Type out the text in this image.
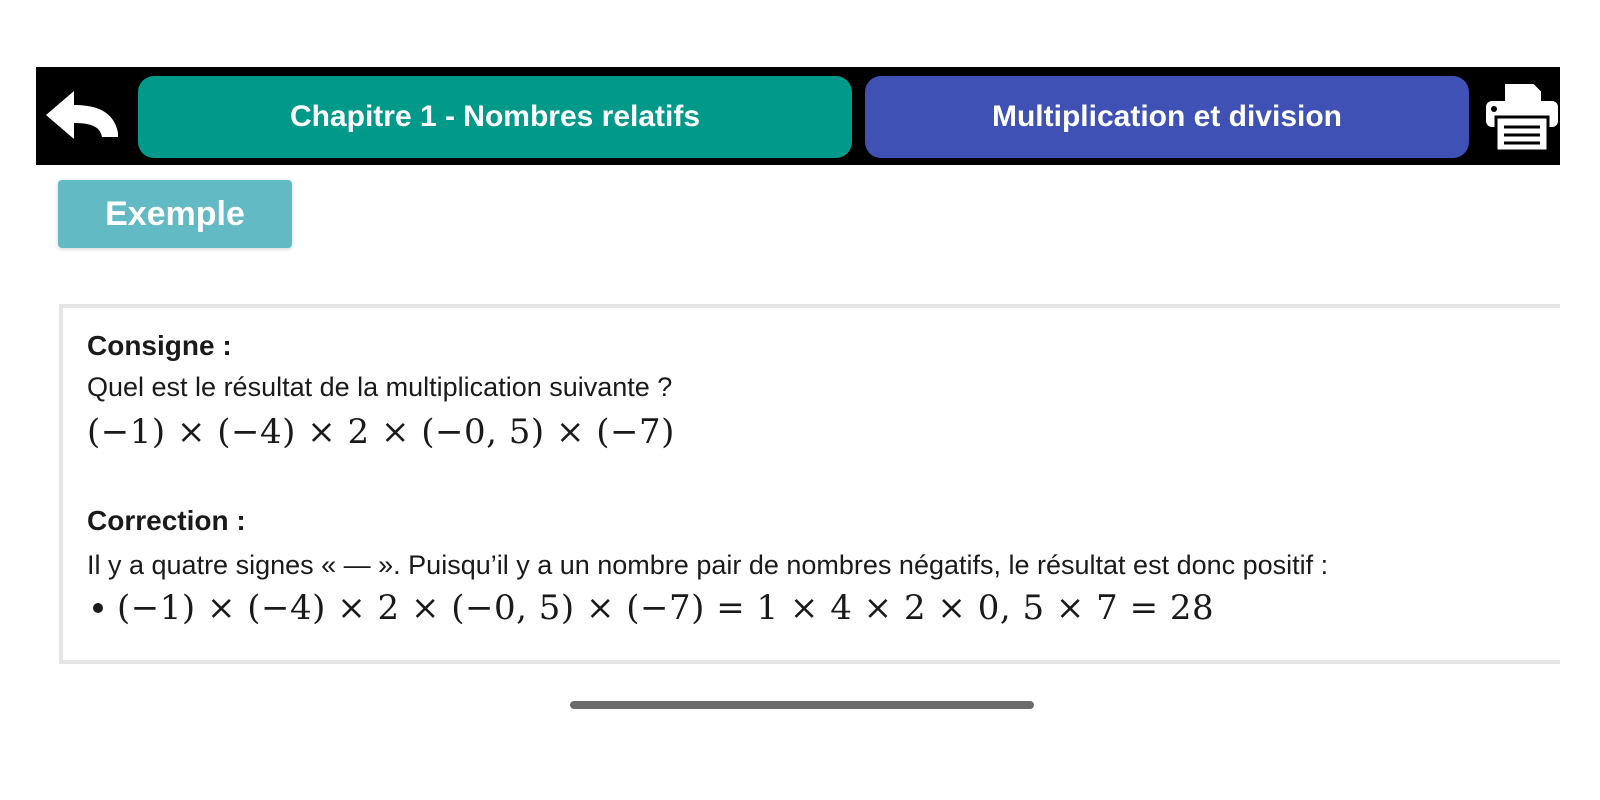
Chapitre 1 - Nombres relatifs	Multiplication et division
Exemple
Consigne :
Quel est le résultat de la multiplication suivante ?
(−1) × (−4) × 2 × (−0, 5) × (−7)
Correction :
Il y a quatre signes « — ». Puisqu’il y a un nombre pair de nombres négatifs, le résultat est donc positif :
(−1) × (−4) × 2 × (−0, 5) × (−7) = 1 × 4 × 2 × 0, 5 × 7 = 28
